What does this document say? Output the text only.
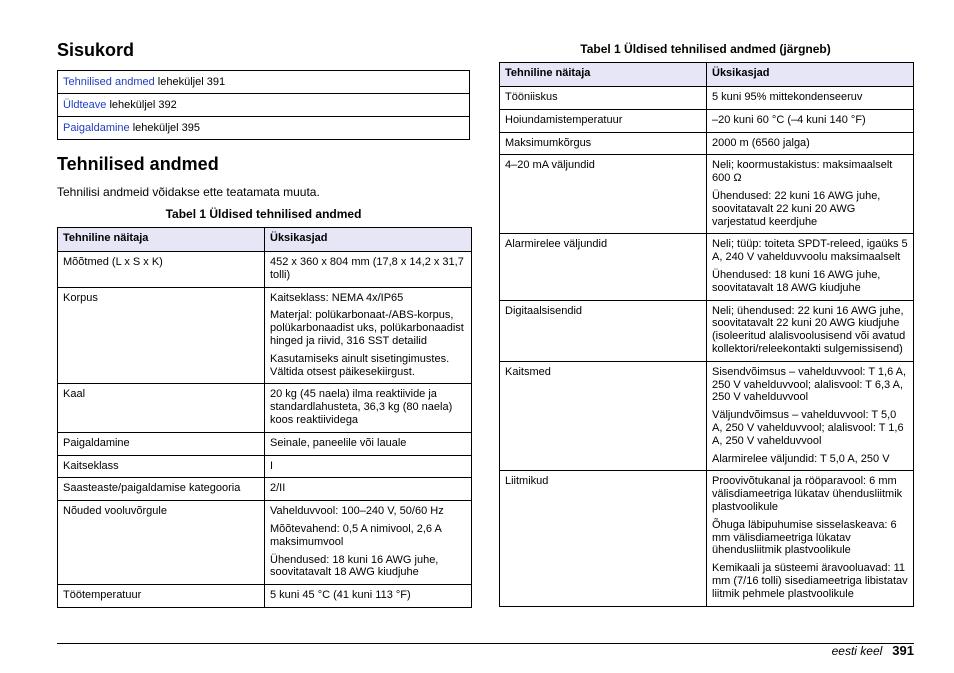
Sisukord
Tehnilised andmed leheküljel 391
Üldteave leheküljel 392
Paigaldamine leheküljel 395
Tehnilised andmed

Tehnilisi andmeid võidakse ette teatamata muuta.

Tabel 1 Üldised tehnilised andmed

Tehniline näitaja	Üksikasjad
Mõõtmed (L x S x K)	452 x 360 x 804 mm (17,8 x 14,2 x 31,7 tolli)

Korpus	Kaitseklass: NEMA 4x/IP65

Materjal: polükarbonaat-/ABS-korpus, polükarbonaadist uks, polükarbonaadist hinged ja riivid, 316 SST detailid

Kasutamiseks ainult sisetingimustes. Vältida otsest päikesekiirgust.

Kaal	20 kg (45 naela) ilma reaktiivide ja standardlahusteta, 36,3 kg (80 naela) koos reaktiividega

Paigaldamine	Seinale, paneelile või lauale

Kaitseklass	I

Saasteaste/paigaldamise kategooria	2/II

Nõuded vooluvõrgule	Vahelduvvool: 100–240 V, 50/60 Hz

Mõõtevahend: 0,5 A nimivool, 2,6 A maksimumvool

Ühendused: 18 kuni 16 AWG juhe, soovitatavalt 18 AWG kiudjuhe

Töötemperatuur	5 kuni 45 °C (41 kuni 113 °F)

Tabel 1 Üldised tehnilised andmed (järgneb)

Tehniline näitaja	Üksikasjad
Tööniiskus	5 kuni 95% mittekondenseeruv

Hoiundamistemperatuur	–20 kuni 60 °C (–4 kuni 140 °F)

Maksimumkõrgus	2000 m (6560 jalga)

4–20 mA väljundid	Neli; koormustakistus: maksimaalselt 600 Ω

Ühendused: 22 kuni 16 AWG juhe, soovitatavalt 22 kuni 20 AWG varjestatud keerdjuhe

Alarmirelee väljundid	Neli; tüüp: toiteta SPDT-releed, igaüks 5 A, 240 V vahelduvvoolu maksimaalselt

Ühendused: 18 kuni 16 AWG juhe, soovitatavalt 18 AWG kiudjuhe

Digitaalsisendid	Neli; ühendused: 22 kuni 16 AWG juhe, soovitatavalt 22 kuni 20 AWG kiudjuhe (isoleeritud alalisvoolusisend või avatud kollektori/releekontakti sulgemissisend)

Kaitsmed	Sisendvõimsus – vahelduvvool: T 1,6 A, 250 V vahelduvvool; alalisvool: T 6,3 A, 250 V vahelduvvool

Väljundvõimsus – vahelduvvool: T 5,0 A, 250 V vahelduvvool; alalisvool: T 1,6 A, 250 V vahelduvvool

Alarmirelee väljundid: T 5,0 A, 250 V

Liitmikud	Proovivõtukanal ja rööparavool: 6 mm välisdiameetriga lükatav ühendusliitmik plastvoolikule

Õhuga läbipuhumise sisselaskeava: 6 mm välisdiameetriga lükatav ühendusliitmik plastvoolikule

Kemikaali ja süsteemi äravooluavad: 11 mm (7/16 tolli) sisediameetriga libistatav liitmik pehmele plastvoolikule

eesti keel 391
